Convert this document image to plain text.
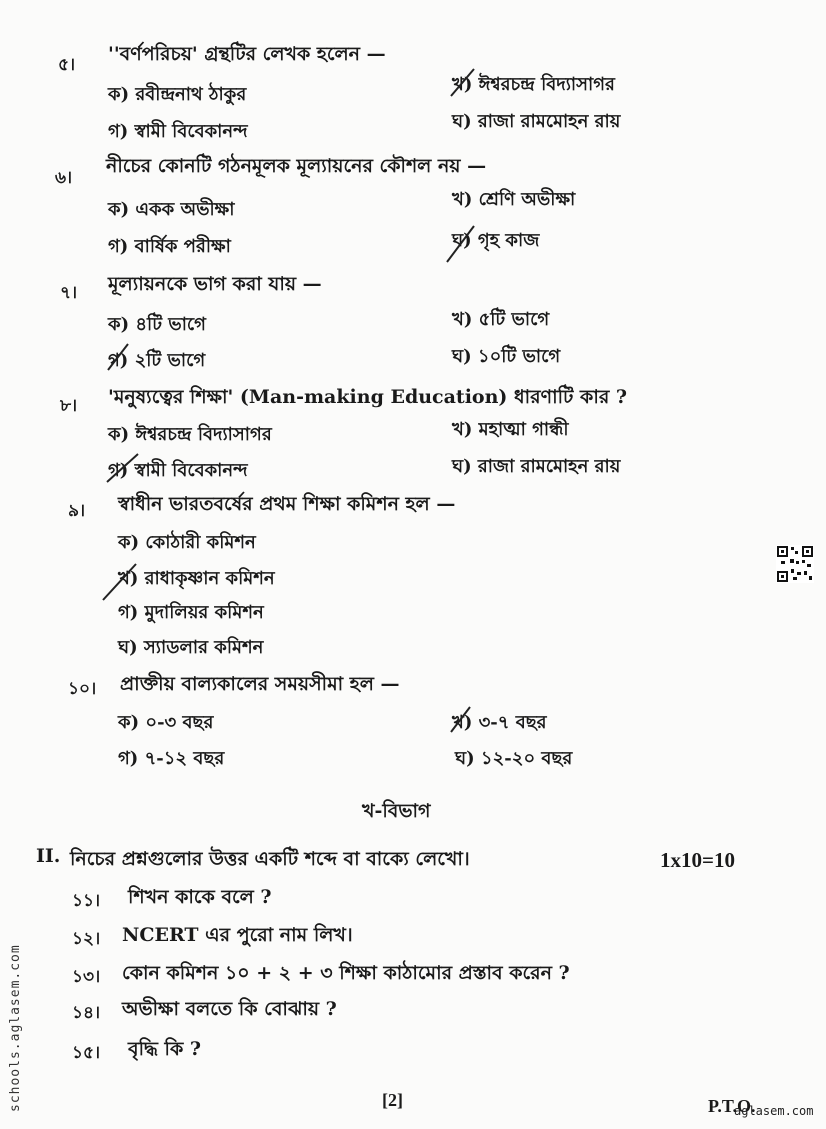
৫। ''বর্ণপরিচয়' গ্রন্থটির লেখক হলেন —
ক) রবীন্দ্রনাথ ঠাকুর	খ) ঈশ্বরচন্দ্র বিদ্যাসাগর
গ) স্বামী বিবেকানন্দ	ঘ) রাজা রামমোহন রায়
৬।
নীচের কোনটি গঠনমূলক মূল্যায়নের কৌশল নয় —
ক) একক অভীক্ষা	খ) শ্রেণি অভীক্ষা
গ) বার্ষিক পরীক্ষা	ঘ) গৃহ কাজ
৭। মূল্যায়নকে ভাগ করা যায় —
ক) ৪টি ভাগে	খ) ৫টি ভাগে
গ) ২টি ভাগে	ঘ) ১০টি ভাগে
৮। 'মনুষ্যত্বের শিক্ষা' (Man-making Education) ধারণাটি কার ?
ক) ঈশ্বরচন্দ্র বিদ্যাসাগর	খ) মহাত্মা গান্ধী
গ) স্বামী বিবেকানন্দ	ঘ) রাজা রামমোহন রায়
৯। স্বাধীন ভারতবর্ষের প্রথম শিক্ষা কমিশন হল —
ক) কোঠারী কমিশন
খ) রাধাকৃষ্ণান কমিশন
গ) মুদালিয়র কমিশন
ঘ) স্যাডলার কমিশন
১০। প্রাক্তীয় বাল্যকালের সময়সীমা হল —
ক) ০-৩ বছর	খ) ৩-৭ বছর
গ) ৭-১২ বছর	ঘ) ১২-২০ বছর
খ-বিভাগ
II. নিচের প্রশ্নগুলোর উত্তর একটি শব্দে বা বাক্যে লেখো।	1x10=10
১১। শিখন কাকে বলে ?
১২। NCERT এর পুরো নাম লিখ।
১৩। কোন কমিশন ১০ + ২ + ৩ শিক্ষা কাঠামোর প্রস্তাব করেন ?
১৪। অভীক্ষা বলতে কি বোঝায় ?
১৫। বৃদ্ধি কি ?
[2]	P.T.O.
aglasem.com
schools.aglasem.com
